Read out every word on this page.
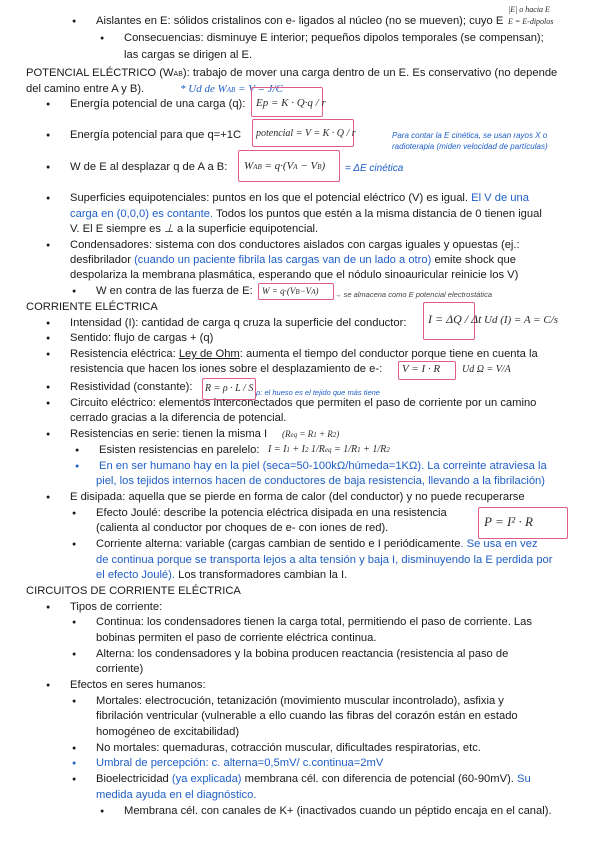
● Aislantes en E: sólidos cristalinos con e- ligados al núcleo (no se mueven); cuyo E
|E| o hacia E
E = E-dipolos
● Consecuencias: disminuye E interior; pequeños dipolos temporales (se compensan);
las cargas se dirigen al E.
POTENCIAL ELÉCTRICO (WAB): trabajo de mover una carga dentro de un E. Es conservativo (no depende
del camino entre A y B).	* Ud de WAB = V = J/C
● Energía potencial de una carga (q): Ep = K · Q·q / r
● Energía potencial para que q=+1C potencial = V = K · Q / r	Para contar la E cinética, se usan rayos X o
radioterapia (miden velocidad de partículas)
● W de E al desplazar q de A a B: WAB = q·(VA − VB) = ΔE cinética
● Superficies equipotenciales: puntos en los que el potencial eléctrico (V) es igual. El V de una
carga en (0,0,0) es contante. Todos los puntos que estén a la misma distancia de 0 tienen igual
V. El E siempre es ⊥ a la superficie equipotencial.
● Condensadores: sistema con dos conductores aislados con cargas iguales y opuestas (ej.:
desfibrilador (cuando un paciente fibrila las cargas van de un lado a otro) emite shock que
despolariza la membrana plasmática, esperando que el nódulo sinoauricular reinicie los V)
● W en contra de las fuerza de E: W = q·(VB−VA) → se almacena como E potencial electrostática
CORRIENTE ELÉCTRICA
● Intensidad (I): cantidad de carga q cruza la superficie del conductor: I = ΔQ / Δt Ud (I) = A = C/s
● Sentido: flujo de cargas + (q)
● Resistencia eléctrica: Ley de Ohm: aumenta el tiempo del conductor porque tiene en cuenta la
resistencia que hacen los iones sobre el desplazamiento de e-: V = I · R Ud Ω = V/A
● Resistividad (constante): R = ρ · L / S ρ: el hueso es el tejido que más tiene
● Circuito eléctrico: elementos interconectados que permiten el paso de corriente por un camino
cerrado gracias a la diferencia de potencial.
● Resistencias en serie: tienen la misma I (Req = R1 + R2)
● Esisten resistencias en parelelo: I = I1 + I2 1/Req = 1/R1 + 1/R2
● En en ser humano hay en la piel (seca=50-100kΩ/húmeda=1KΩ). La correinte atraviesa la
piel, los tejidos internos hacen de conductores de baja resistencia, llevando a la fibrilación)
● E disipada: aquella que se pierde en forma de calor (del conductor) y no puede recuperarse
● Efecto Joulé: describe la potencia eléctrica disipada en una resistencia
(calienta al conductor por choques de e- con iones de red).	P = I² · R
● Corriente alterna: variable (cargas cambian de sentido e I periódicamente. Se usa en vez
de continua porque se transporta lejos a alta tensión y baja I, disminuyendo la E perdida por
el efecto Joulé). Los transformadores cambian la I.
CIRCUITOS DE CORRIENTE ELÉCTRICA
● Tipos de corriente:
● Continua: los condensadores tienen la carga total, permitiendo el paso de corriente. Las
bobinas permiten el paso de corriente eléctrica continua.
● Alterna: los condensadores y la bobina producen reactancia (resistencia al paso de
corriente)
● Efectos en seres humanos:
● Mortales: electrocución, tetanización (movimiento muscular incontrolado), asfixia y
fibrilación ventricular (vulnerable a ello cuando las fibras del corazón están en estado
homogéneo de excitabilidad)
● No mortales: quemaduras, cotracción muscular, dificultades respiratorias, etc.
● Umbral de percepción: c. alterna=0,5mV/ c.continua=2mV
● Bioelectricidad (ya explicada) membrana cél. con diferencia de potencial (60-90mV). Su
medida ayuda en el diagnóstico.
● Membrana cél. con canales de K+ (inactivados cuando un péptido encaja en el canal).
